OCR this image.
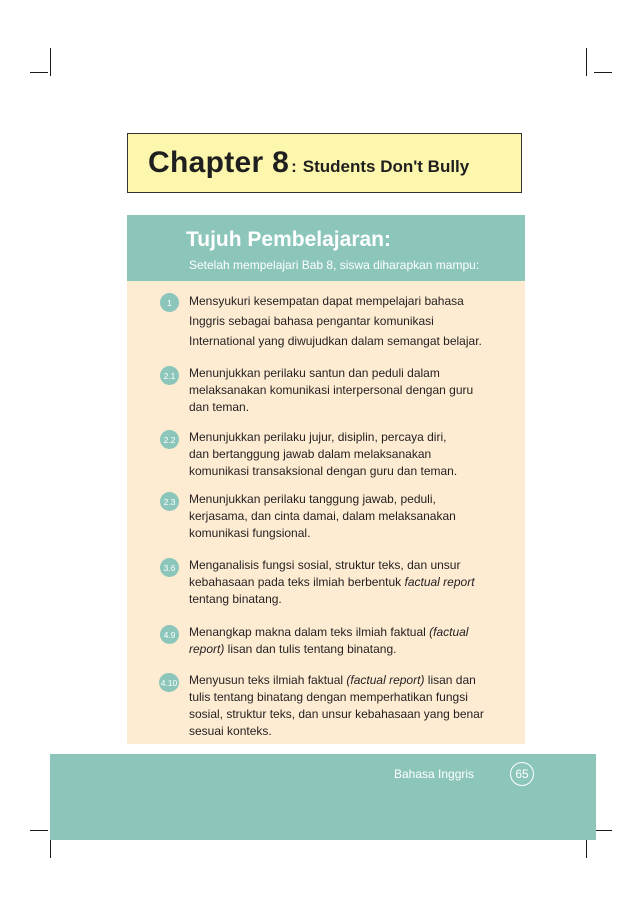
Chapter 8 : Students Don't Bully
Tujuh Pembelajaran:
Setelah mempelajari Bab 8, siswa diharapkan mampu:
1	Mensyukuri kesempatan dapat mempelajari bahasa
Inggris sebagai bahasa pengantar komunikasi
International yang diwujudkan dalam semangat belajar.
2.1 Menunjukkan perilaku santun dan peduli dalam
melaksanakan komunikasi interpersonal dengan guru
dan teman.
2.2 Menunjukkan perilaku jujur, disiplin, percaya diri,
dan bertanggung jawab dalam melaksanakan
komunikasi transaksional dengan guru dan teman.
2.3 Menunjukkan perilaku tanggung jawab, peduli,
kerjasama, dan cinta damai, dalam melaksanakan
komunikasi fungsional.
3.6 Menganalisis fungsi sosial, struktur teks, dan unsur
kebahasaan pada teks ilmiah berbentuk factual report
tentang binatang.
4.9 Menangkap makna dalam teks ilmiah faktual (factual
report) lisan dan tulis tentang binatang.
4.10 Menyusun teks ilmiah faktual (factual report) lisan dan
tulis tentang binatang dengan memperhatikan fungsi
sosial, struktur teks, dan unsur kebahasaan yang benar
sesuai konteks.
Bahasa Inggris	65
